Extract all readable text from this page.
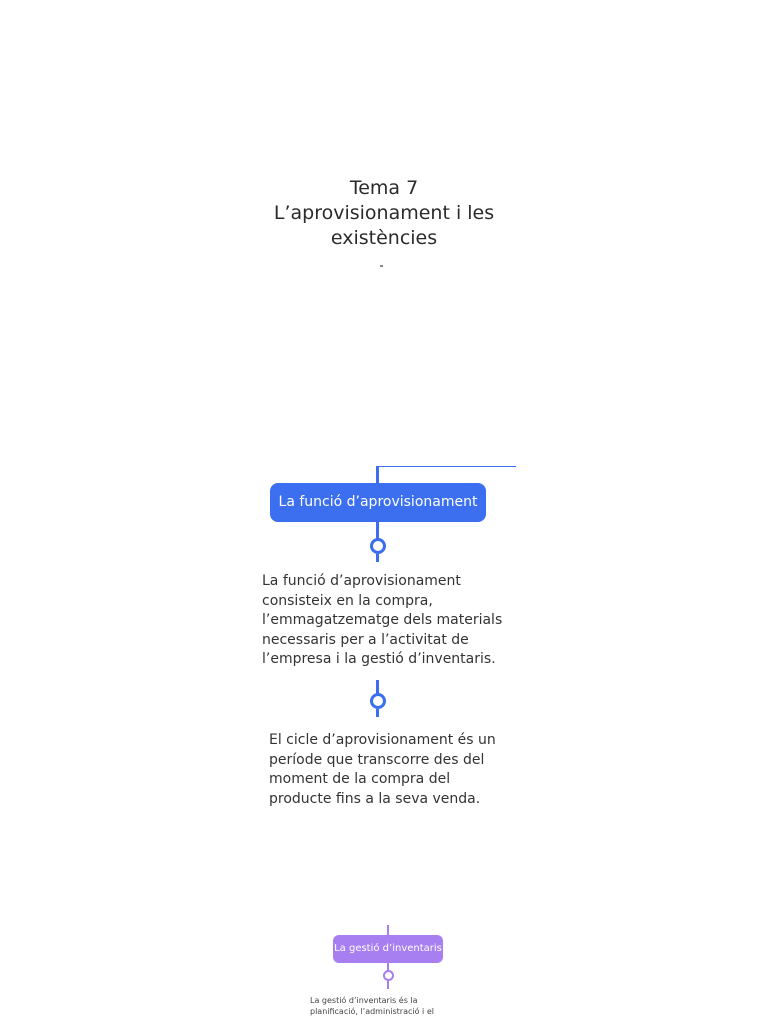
Tema 7
L’aprovisionament i les
existències
La funció d’aprovisionament
La funció d’aprovisionament
consisteix en la compra,
l’emmagatzematge dels materials
necessaris per a l’activitat de
l’empresa i la gestió d’inventaris.
El cicle d’aprovisionament és un
període que transcorre des del
moment de la compra del
producte fins a la seva venda.
La gestió d’inventaris
La gestió d’inventaris és la
planificació, l’administració i el
